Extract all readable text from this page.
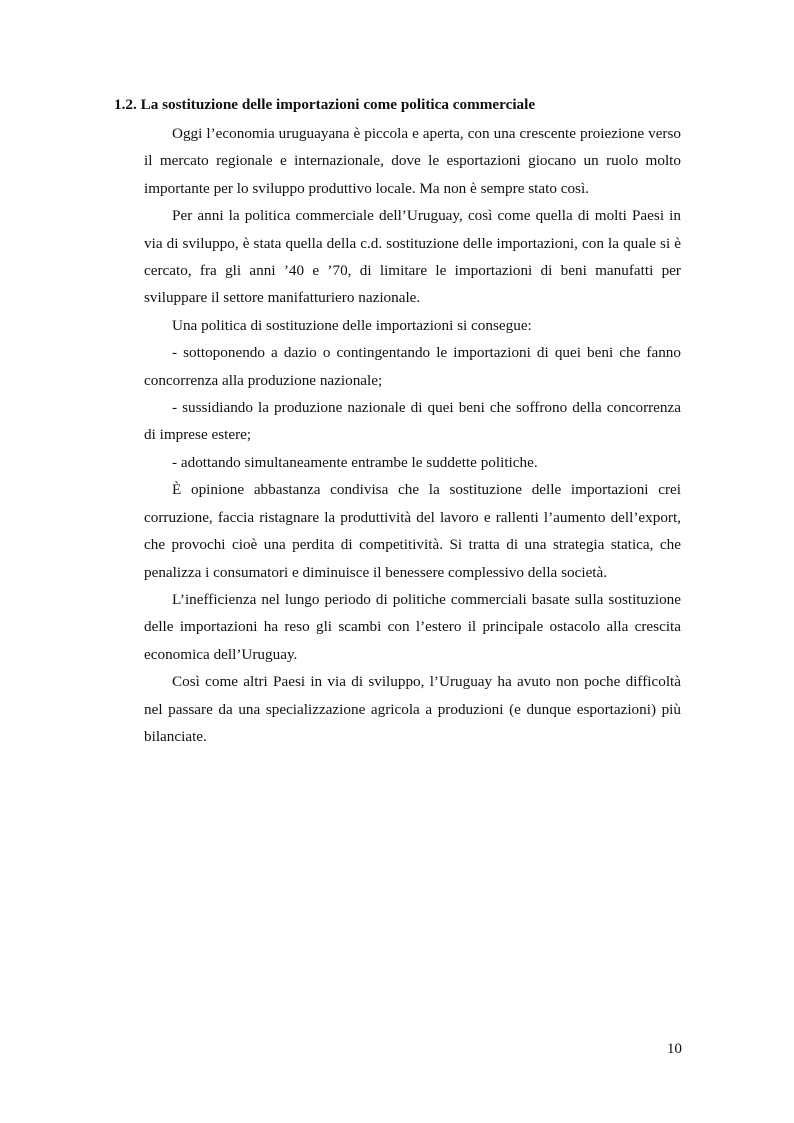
1.2. La sostituzione delle importazioni come politica commerciale

Oggi l’economia uruguayana è piccola e aperta, con una crescente proiezione verso il mercato regionale e internazionale, dove le esportazioni giocano un ruolo molto importante per lo sviluppo produttivo locale. Ma non è sempre stato così.

Per anni la politica commerciale dell’Uruguay, così come quella di molti Paesi in via di sviluppo, è stata quella della c.d. sostituzione delle importazioni, con la quale si è cercato, fra gli anni ’40 e ’70, di limitare le importazioni di beni manufatti per sviluppare il settore manifatturiero nazionale.

Una politica di sostituzione delle importazioni si consegue:

- sottoponendo a dazio o contingentando le importazioni di quei beni che fanno concorrenza alla produzione nazionale;

- sussidiando la produzione nazionale di quei beni che soffrono della concorrenza di imprese estere;

- adottando simultaneamente entrambe le suddette politiche.

È opinione abbastanza condivisa che la sostituzione delle importazioni crei corruzione, faccia ristagnare la produttività del lavoro e rallenti l’aumento dell’export, che provochi cioè una perdita di competitività. Si tratta di una strategia statica, che penalizza i consumatori e diminuisce il benessere complessivo della società.

L’inefficienza nel lungo periodo di politiche commerciali basate sulla sostituzione delle importazioni ha reso gli scambi con l’estero il principale ostacolo alla crescita economica dell’Uruguay.

Così come altri Paesi in via di sviluppo, l’Uruguay ha avuto non poche difficoltà nel passare da una specializzazione agricola a produzioni (e dunque esportazioni) più bilanciate.

10
